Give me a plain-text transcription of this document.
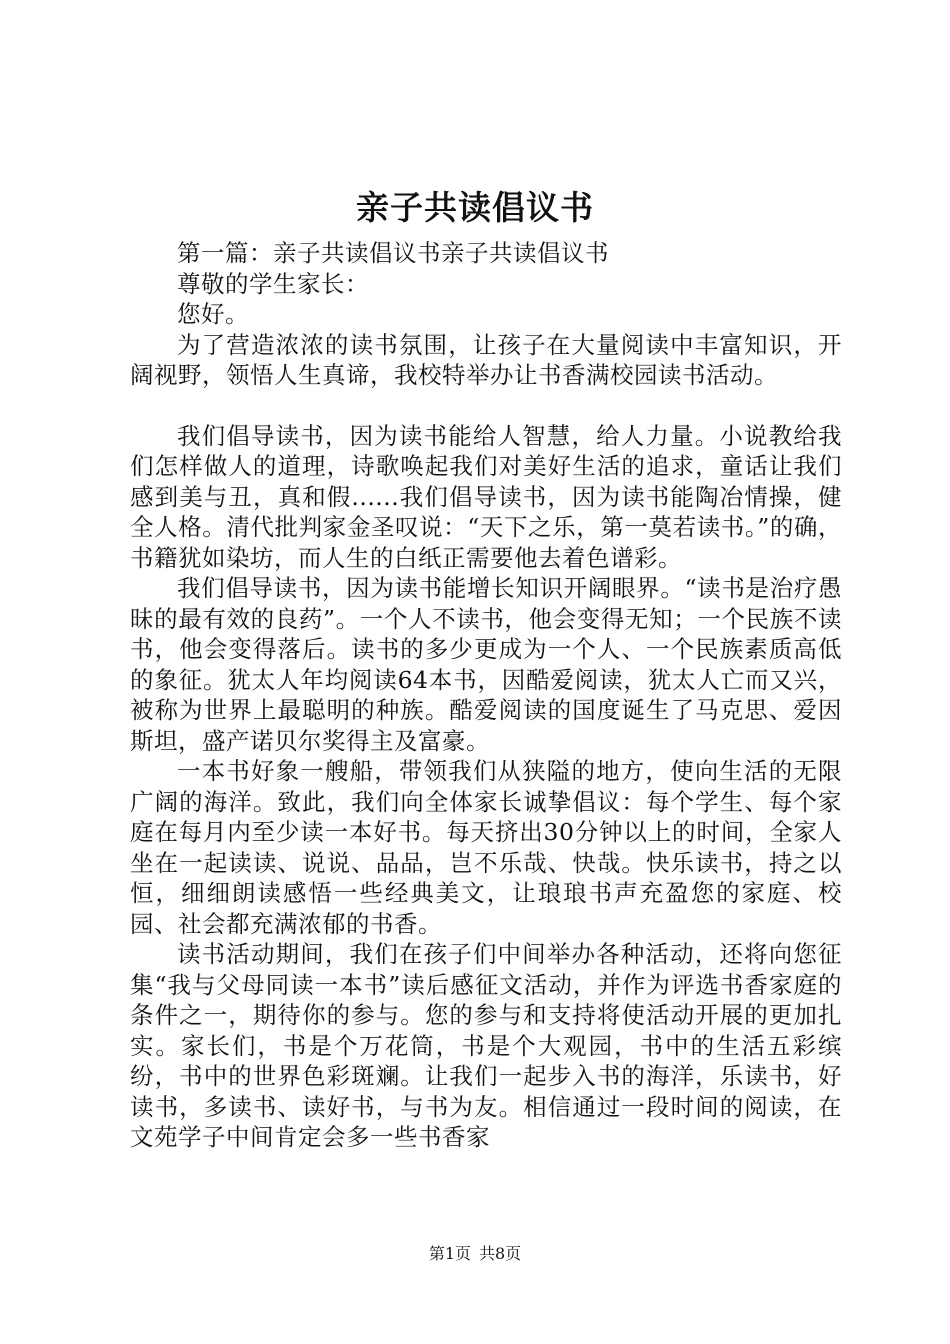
亲子共读倡议书

第一篇：亲子共读倡议书亲子共读倡议书

尊敬的学生家长：

您好。

为了营造浓浓的读书氛围，让孩子在大量阅读中丰富知识，开阔视野，领悟人生真谛，我校特举办让书香满校园读书活动。

我们倡导读书，因为读书能给人智慧，给人力量。小说教给我们怎样做人的道理，诗歌唤起我们对美好生活的追求，童话让我们感到美与丑，真和假......我们倡导读书，因为读书能陶冶情操，健全人格。清代批判家金圣叹说：“天下之乐，第一莫若读书。”的确，书籍犹如染坊，而人生的白纸正需要他去着色谱彩。

我们倡导读书，因为读书能增长知识开阔眼界。“读书是治疗愚昧的最有效的良药”。一个人不读书，他会变得无知；一个民族不读书，他会变得落后。读书的多少更成为一个人、一个民族素质高低的象征。犹太人年均阅读64本书，因酷爱阅读，犹太人亡而又兴，被称为世界上最聪明的种族。酷爱阅读的国度诞生了马克思、爱因斯坦，盛产诺贝尔奖得主及富豪。

一本书好象一艘船，带领我们从狭隘的地方，使向生活的无限广阔的海洋。致此，我们向全体家长诚挚倡议：每个学生、每个家庭在每月内至少读一本好书。每天挤出30分钟以上的时间，全家人坐在一起读读、说说、品品，岂不乐哉、快哉。快乐读书，持之以恒，细细朗读感悟一些经典美文，让琅琅书声充盈您的家庭、校园、社会都充满浓郁的书香。

读书活动期间，我们在孩子们中间举办各种活动，还将向您征集“我与父母同读一本书”读后感征文活动，并作为评选书香家庭的条件之一，期待你的参与。您的参与和支持将使活动开展的更加扎实。家长们，书是个万花筒，书是个大观园，书中的生活五彩缤纷，书中的世界色彩斑斓。让我们一起步入书的海洋，乐读书，好读书，多读书、读好书，与书为友。相信通过一段时间的阅读，在文苑学子中间肯定会多一些书香家

第1页 共8页
